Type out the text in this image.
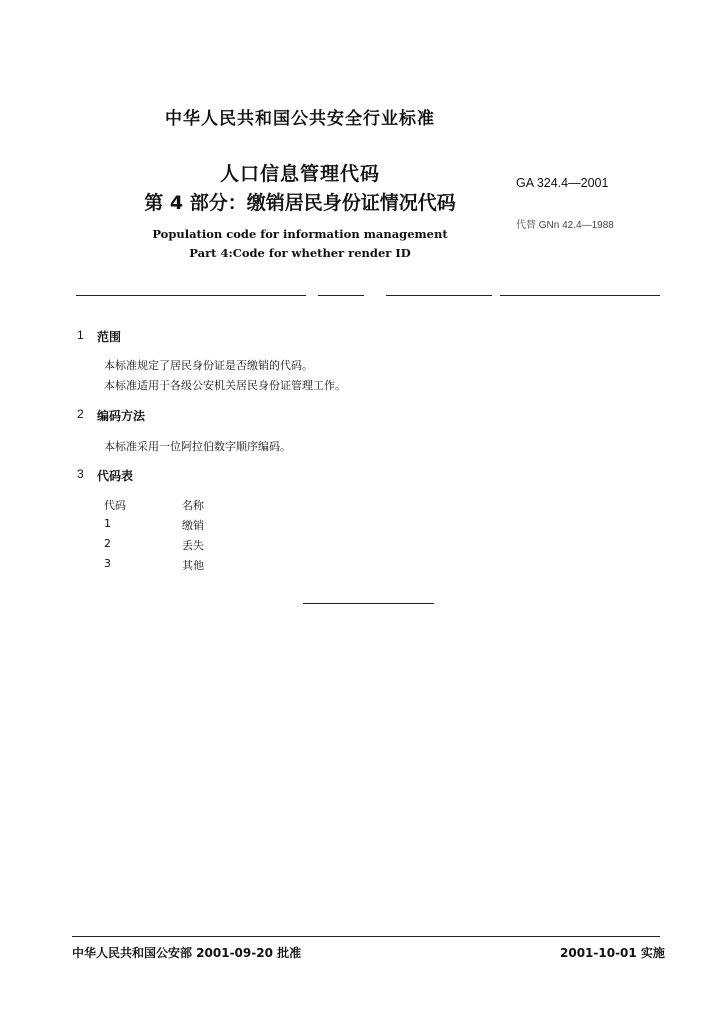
中华人民共和国公共安全行业标准
人口信息管理代码
第 4 部分：缴销居民身份证情况代码
Population code for information management
Part 4:Code for whether render ID
GA 324.4—2001
代替 GNn 42.4—1988
1 范围
本标准规定了居民身份证是否缴销的代码。
本标准适用于各级公安机关居民身份证管理工作。
2 编码方法
本标准采用一位阿拉伯数字顺序编码。
3 代码表
代码	名称
1	缴销
2	丢失
3	其他
中华人民共和国公安部 2001-09-20 批准	2001-10-01 实施
